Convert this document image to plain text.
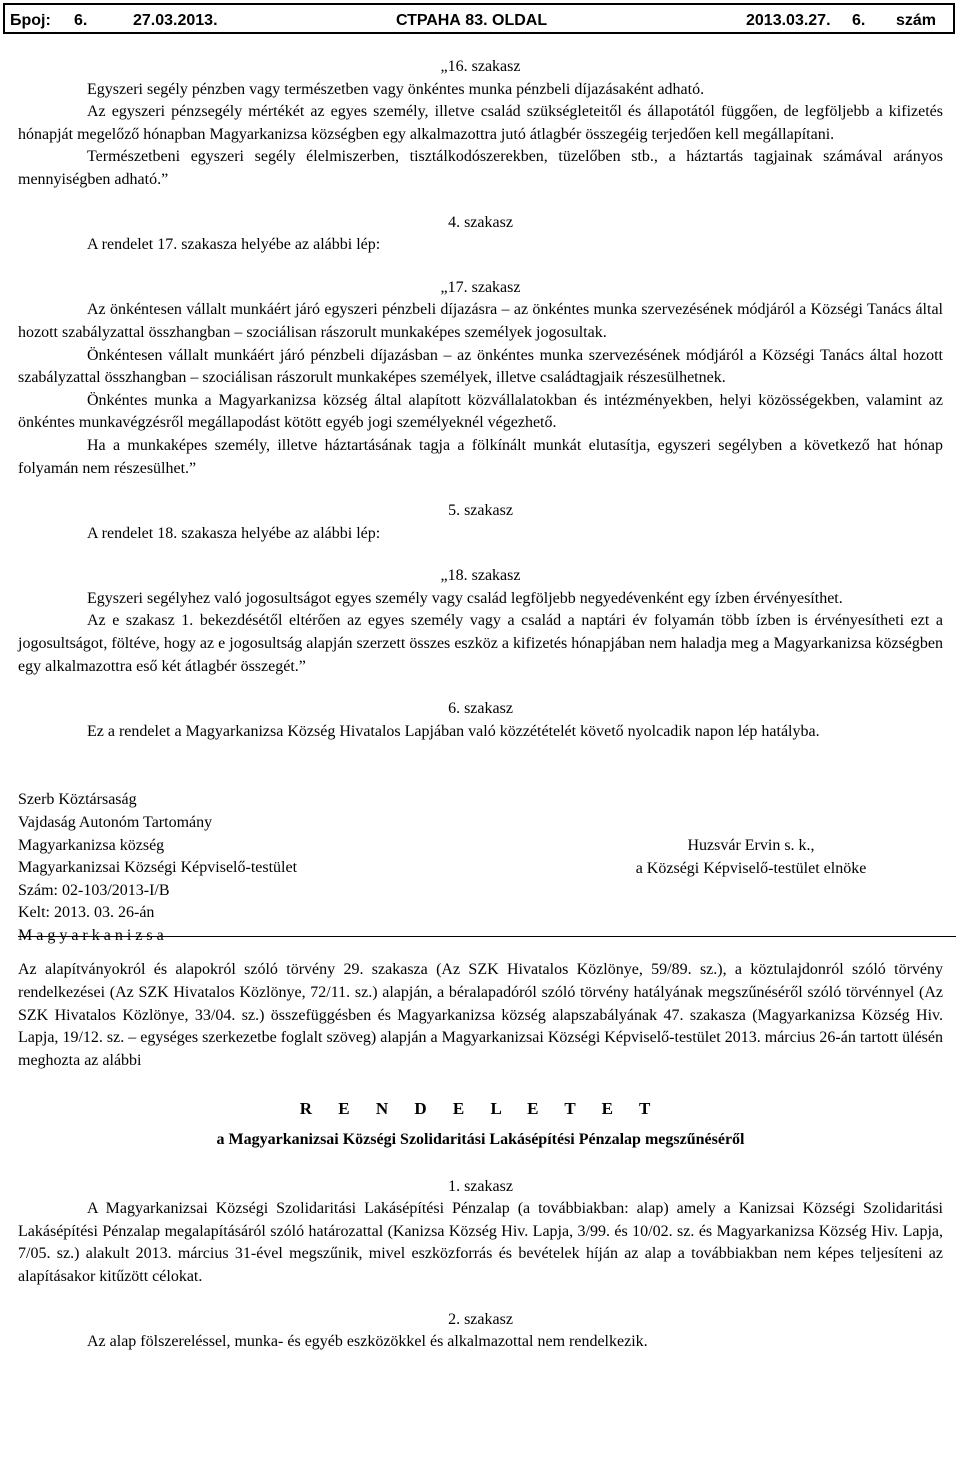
Број: 6.	27.03.2013.	СТРАНА 83. OLDAL	2013.03.27. 6. szám

„16. szakasz

Egyszeri segély pénzben vagy természetben vagy önkéntes munka pénzbeli díjazásaként adható.

Az egyszeri pénzsegély mértékét az egyes személy, illetve család szükségleteitől és állapotától függően, de legföljebb a kifizetés hónapját megelőző hónapban Magyarkanizsa községben egy alkalmazottra jutó átlagbér összegéig terjedően kell megállapítani.

Természetbeni egyszeri segély élelmiszerben, tisztálkodószerekben, tüzelőben stb., a háztartás tagjainak számával arányos mennyiségben adható.”

4. szakasz

A rendelet 17. szakasza helyébe az alábbi lép:

„17. szakasz

Az önkéntesen vállalt munkáért járó egyszeri pénzbeli díjazásra – az önkéntes munka szervezésének módjáról a Községi Tanács által hozott szabályzattal összhangban – szociálisan rászorult munkaképes személyek jogosultak.

Önkéntesen vállalt munkáért járó pénzbeli díjazásban – az önkéntes munka szervezésének módjáról a Községi Tanács által hozott szabályzattal összhangban – szociálisan rászorult munkaképes személyek, illetve családtagjaik részesülhetnek.

Önkéntes munka a Magyarkanizsa község által alapított közvállalatokban és intézményekben, helyi közösségekben, valamint az önkéntes munkavégzésről megállapodást kötött egyéb jogi személyeknél végezhető.

Ha a munkaképes személy, illetve háztartásának tagja a fölkínált munkát elutasítja, egyszeri segélyben a következő hat hónap folyamán nem részesülhet.”

5. szakasz

A rendelet 18. szakasza helyébe az alábbi lép:

„18. szakasz

Egyszeri segélyhez való jogosultságot egyes személy vagy család legföljebb negyedévenként egy ízben érvényesíthet.

Az e szakasz 1. bekezdésétől eltérően az egyes személy vagy a család a naptári év folyamán több ízben is érvényesítheti ezt a jogosultságot, föltéve, hogy az e jogosultság alapján szerzett összes eszköz a kifizetés hónapjában nem haladja meg a Magyarkanizsa községben egy alkalmazottra eső két átlagbér összegét.”

6. szakasz

Ez a rendelet a Magyarkanizsa Község Hivatalos Lapjában való közzétételét követő nyolcadik napon lép hatályba.

Szerb Köztársaság
Vajdaság Autonóm Tartomány
Magyarkanizsa község
Magyarkanizsai Községi Képviselő-testület
Szám: 02-103/2013-I/B
Kelt: 2013. 03. 26-án
M a g y a r k a n i z s a
Huzsvár Ervin s. k.,
a Községi Képviselő-testület elnöke

Az alapítványokról és alapokról szóló törvény 29. szakasza (Az SZK Hivatalos Közlönye, 59/89. sz.), a köztulajdonról szóló törvény rendelkezései (Az SZK Hivatalos Közlönye, 72/11. sz.) alapján, a béralapadóról szóló törvény hatályának megszűnéséről szóló törvénnyel (Az SZK Hivatalos Közlönye, 33/04. sz.) összefüggésben és Magyarkanizsa község alapszabályának 47. szakasza (Magyarkanizsa Község Hiv. Lapja, 19/12. sz. – egységes szerkezetbe foglalt szöveg) alapján a Magyarkanizsai Községi Képviselő-testület 2013. március 26-án tartott ülésén meghozta az alábbi

R E N D E L E T E T

a Magyarkanizsai Községi Szolidaritási Lakásépítési Pénzalap megszűnéséről

1. szakasz

A Magyarkanizsai Községi Szolidaritási Lakásépítési Pénzalap (a továbbiakban: alap) amely a Kanizsai Községi Szolidaritási Lakásépítési Pénzalap megalapításáról szóló határozattal (Kanizsa Község Hiv. Lapja, 3/99. és 10/02. sz. és Magyarkanizsa Község Hiv. Lapja, 7/05. sz.) alakult 2013. március 31-ével megszűnik, mivel eszközforrás és bevételek híján az alap a továbbiakban nem képes teljesíteni az alapításakor kitűzött célokat.

2. szakasz

Az alap fölszereléssel, munka- és egyéb eszközökkel és alkalmazottal nem rendelkezik.
